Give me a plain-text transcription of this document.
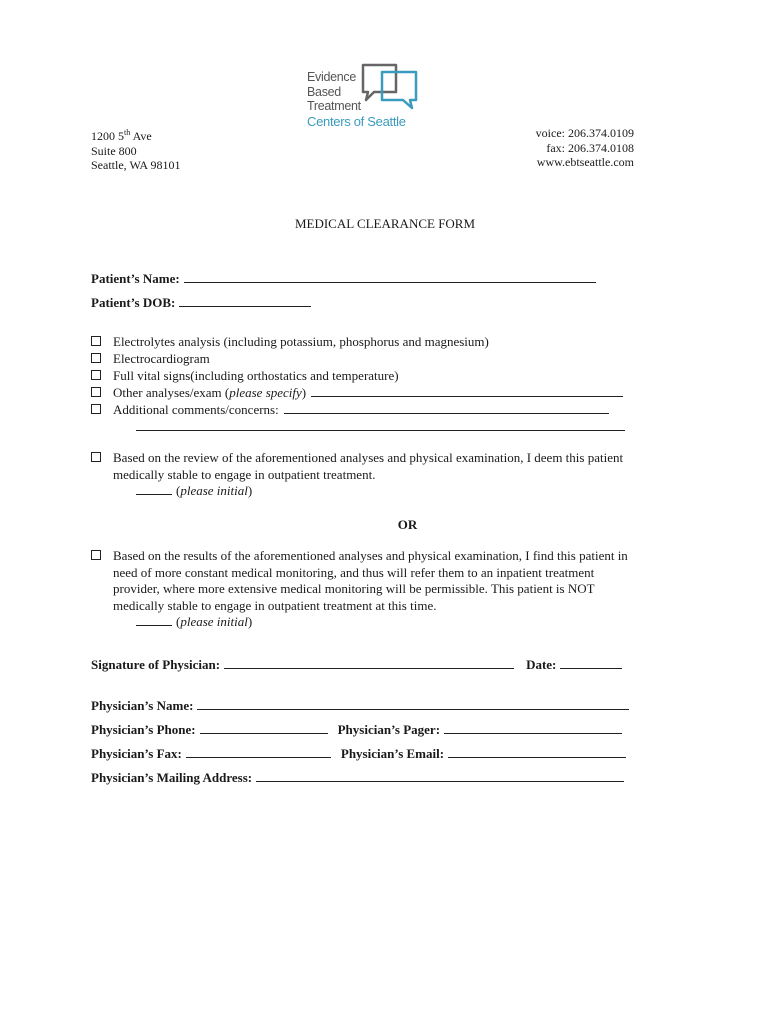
Evidence
Based
Treatment
Centers of Seattle
1200 5th Ave
Suite 800
Seattle, WA 98101
voice: 206.374.0109
fax: 206.374.0108
www.ebtseattle.com
MEDICAL CLEARANCE FORM
Patient’s Name:
Patient’s DOB:
Electrolytes analysis (including potassium, phosphorus and magnesium)
Electrocardiogram
Full vital signs(including orthostatics and temperature)
Other analyses/exam (please specify)
Additional comments/concerns:
Based on the review of the aforementioned analyses and physical examination, I deem this patient
medically stable to engage in outpatient treatment.
(please initial)
OR
Based on the results of the aforementioned analyses and physical examination, I find this patient in
need of more constant medical monitoring, and thus will refer them to an inpatient treatment
provider, where more extensive medical monitoring will be permissible. This patient is NOT
medically stable to engage in outpatient treatment at this time.
(please initial)
Signature of Physician:	Date:
Physician’s Name:
Physician’s Phone:	Physician’s Pager:
Physician’s Fax:	Physician’s Email:
Physician’s Mailing Address:
